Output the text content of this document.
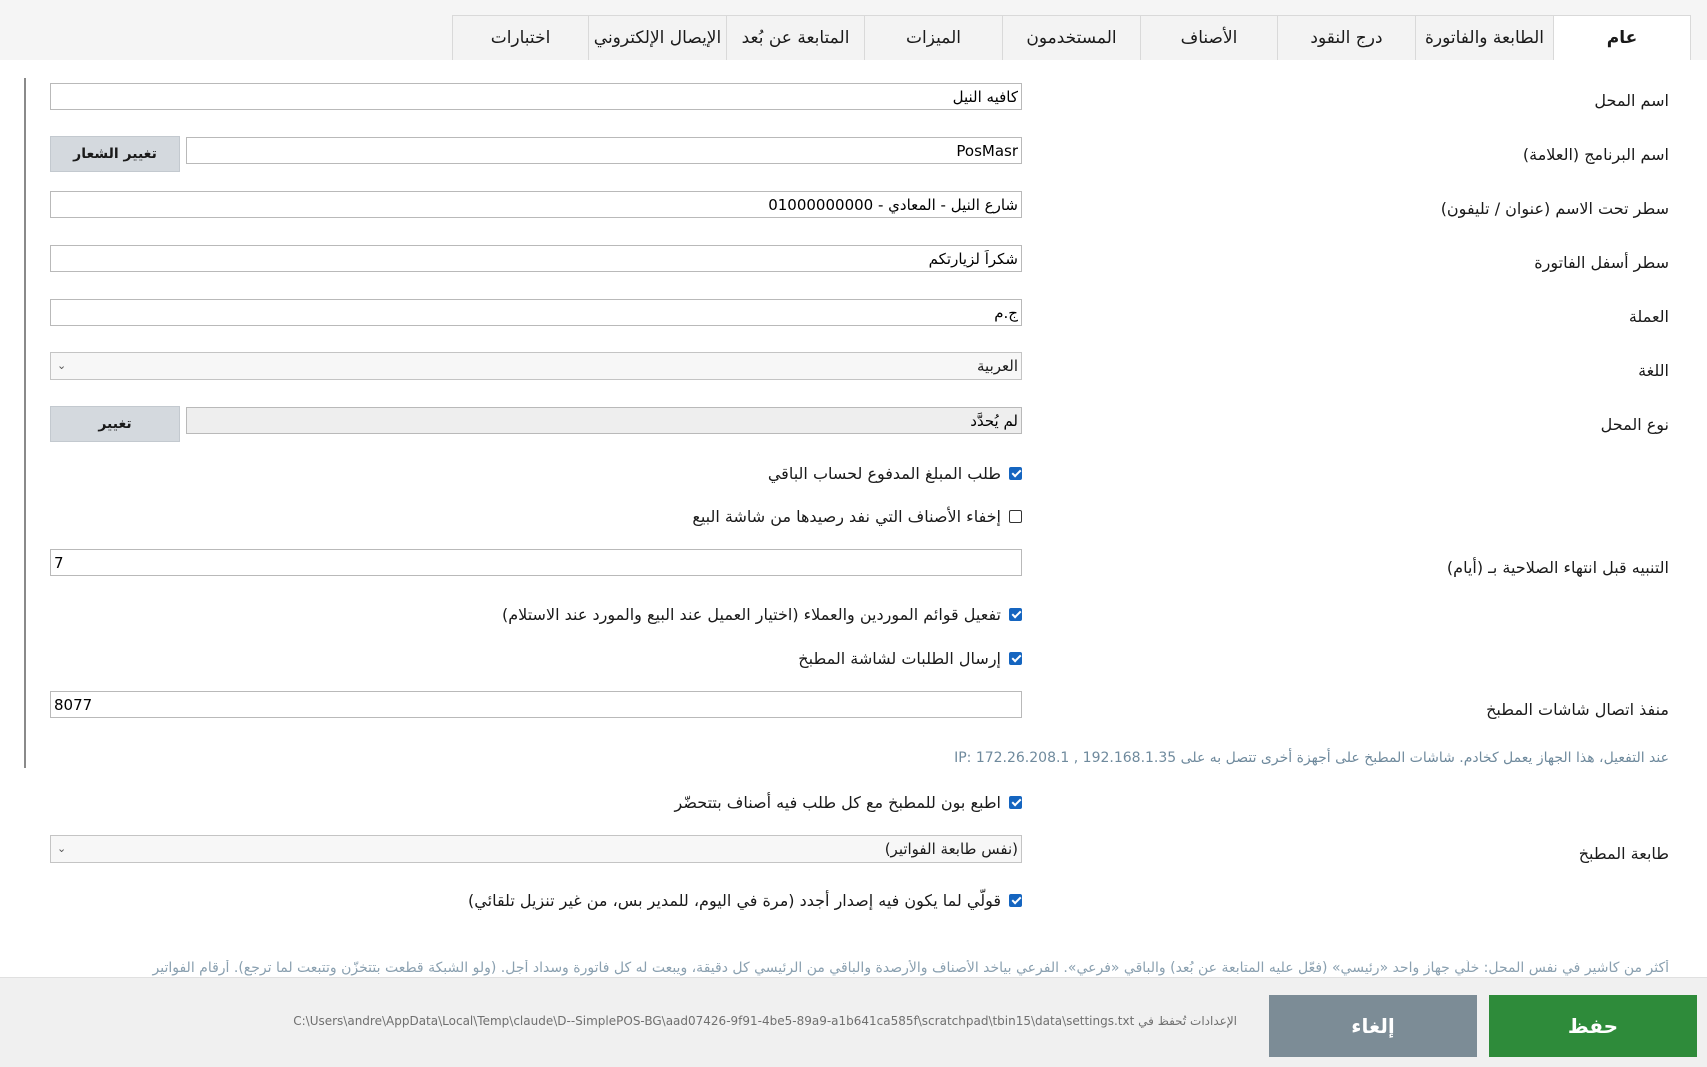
عام
الطابعة والفاتورة
درج النقود
الأصناف
المستخدمون
الميزات
المتابعة عن بُعد
الإيصال الإلكتروني
اختبارات
اسم المحل
كافيه النيل
اسم البرنامج (العلامة)
PosMasr
تغيير الشعار
سطر تحت الاسم (عنوان / تليفون)
شارع النيل - المعادي - 01000000000
سطر أسفل الفاتورة
شكراً لزيارتكم
العملة
ج.م
اللغة
العربية
⌄
نوع المحل
لم يُحدَّد
تغيير
طلب المبلغ المدفوع لحساب الباقي
إخفاء الأصناف التي نفد رصيدها من شاشة البيع
التنبيه قبل انتهاء الصلاحية بـ (أيام)
7
تفعيل قوائم الموردين والعملاء (اختيار العميل عند البيع والمورد عند الاستلام)
إرسال الطلبات لشاشة المطبخ
منفذ اتصال شاشات المطبخ
8077
عند التفعيل، هذا الجهاز يعمل كخادم. شاشات المطبخ على أجهزة أخرى تتصل به على IP: 172.26.208.1 , 192.168.1.35
اطبع بون للمطبخ مع كل طلب فيه أصناف بتتحضّر
طابعة المطبخ
(نفس طابعة الفواتير)
⌄
قولّي لما يكون فيه إصدار أجدد (مرة في اليوم، للمدير بس، من غير تنزيل تلقائي)
أكثر من كاشير في نفس المحل: خلّي جهاز واحد «رئيسي» (فعّل عليه المتابعة عن بُعد) والباقي «فرعي». الفرعي بياخد الأصناف والأرصدة والباقي من الرئيسي كل دقيقة، ويبعت له كل فاتورة وسداد أجل. (ولو الشبكة قطعت بتتخزّن وتتبعت لما ترجع). أرقام الفواتير
الإعدادات تُحفظ في C:\Users\andre\AppData\Local\Temp\claude\D--SimplePOS-BG\aad07426-9f91-4be5-89a9-a1b641ca585f\scratchpad\tbin15\data\settings.txt	إلغاء	حفظ
